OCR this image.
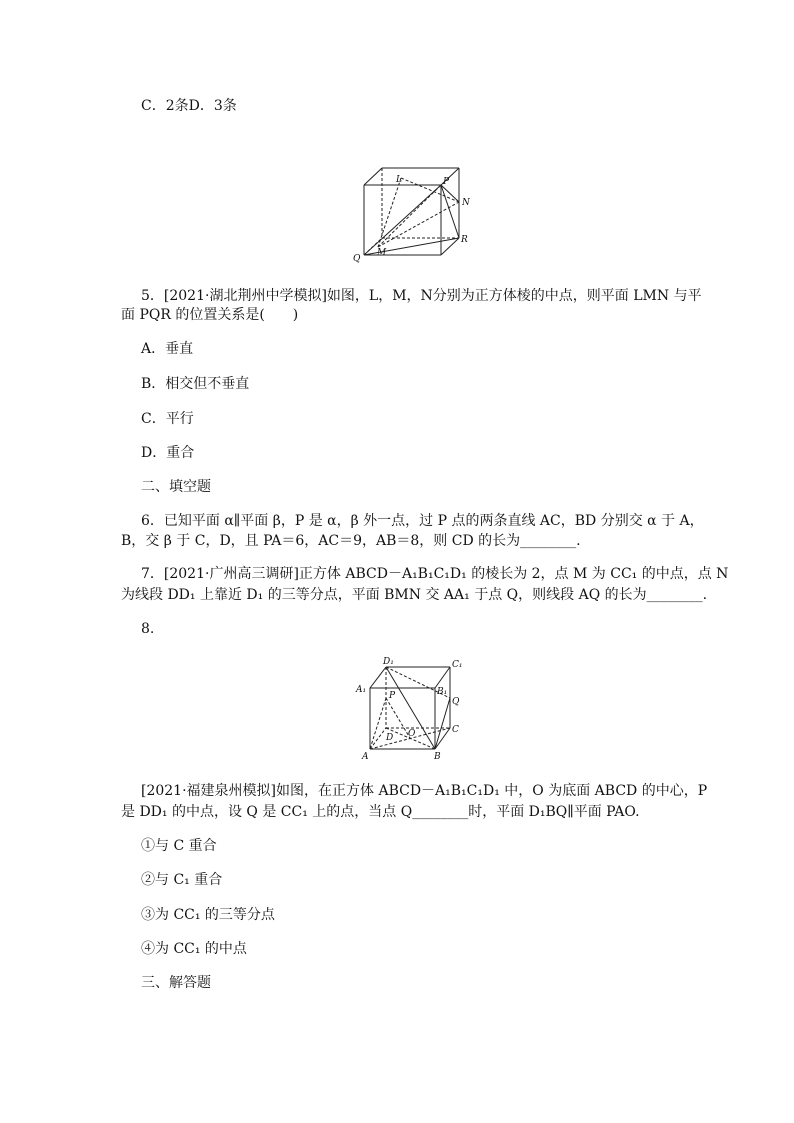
C．2条D．3条
L	P
N
R
Q
M
5．[2021·湖北荆州中学模拟]如图，L，M，N分别为正方体棱的中点，则平面 LMN 与平
面 PQR 的位置关系是(　　)
A．垂直
B．相交但不垂直
C．平行
D．重合
二、填空题
6．已知平面 α∥平面 β，P 是 α，β 外一点，过 P 点的两条直线 AC，BD 分别交 α 于 A，
B，交 β 于 C，D，且 PA＝6，AC＝9，AB＝8，则 CD 的长为________.
7．[2021·广州高三调研]正方体 ABCD－A₁B₁C₁D₁ 的棱长为 2，点 M 为 CC₁ 的中点，点 N
为线段 DD₁ 上靠近 D₁ 的三等分点，平面 BMN 交 AA₁ 于点 Q，则线段 AQ 的长为________.
8.
D₁	C₁
A₁	B₁
P
Q
C
D O
A	B
[2021·福建泉州模拟]如图，在正方体 ABCD－A₁B₁C₁D₁ 中，O 为底面 ABCD 的中心，P
是 DD₁ 的中点，设 Q 是 CC₁ 上的点，当点 Q________时，平面 D₁BQ∥平面 PAO.
①与 C 重合
②与 C₁ 重合
③为 CC₁ 的三等分点
④为 CC₁ 的中点
三、解答题
